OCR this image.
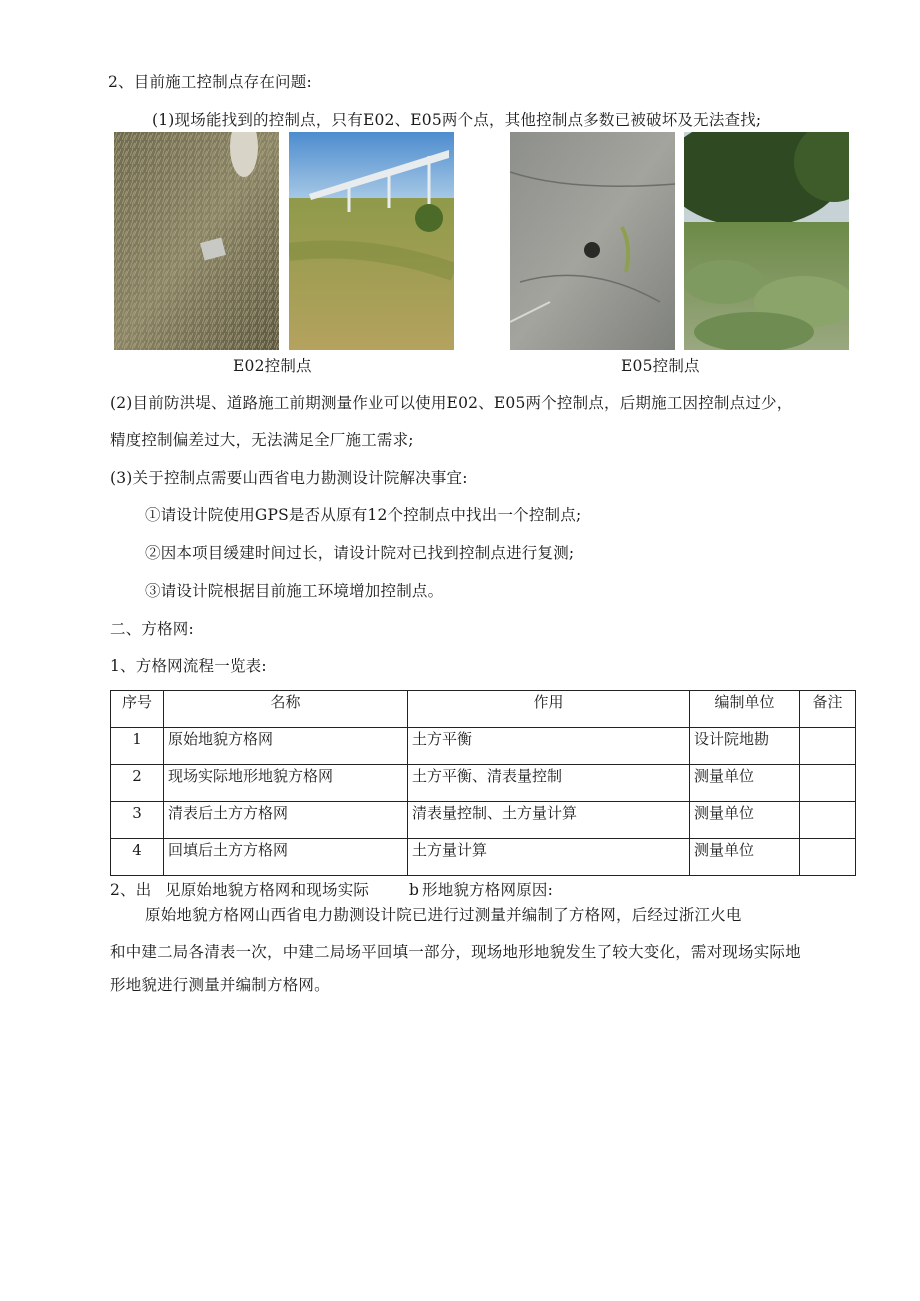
2、目前施工控制点存在问题:
(1)现场能找到的控制点，只有E02、E05两个点，其他控制点多数已被破坏及无法查找;
E02控制点	E05控制点
(2)目前防洪堤、道路施工前期测量作业可以使用E02、E05两个控制点，后期施工因控制点过少，
精度控制偏差过大，无法满足全厂施工需求;
(3)关于控制点需要山西省电力勘测设计院解决事宜:
①请设计院使用GPS是否从原有12个控制点中找出一个控制点;
②因本项目缓建时间过长，请设计院对已找到控制点进行复测;
③请设计院根据目前施工环境增加控制点。
二、方格网:
1、方格网流程一览表:
序号	名称	作用	编制单位	备注
1	原始地貌方格网	土方平衡	设计院地勘	
2	现场实际地形地貌方格网	土方平衡、清表量控制	测量单位	
3	清表后土方方格网	清表量控制、土方量计算	测量单位	
4	回填后土方方格网	土方量计算	测量单位	
2、出 见原始地貌方格网和现场实际	b 形地貌方格网原因:
原始地貌方格网山西省电力勘测设计院已进行过测量并编制了方格网，后经过浙江火电
和中建二局各清表一次，中建二局场平回填一部分，现场地形地貌发生了较大变化，需对现场实际地
形地貌进行测量并编制方格网。
